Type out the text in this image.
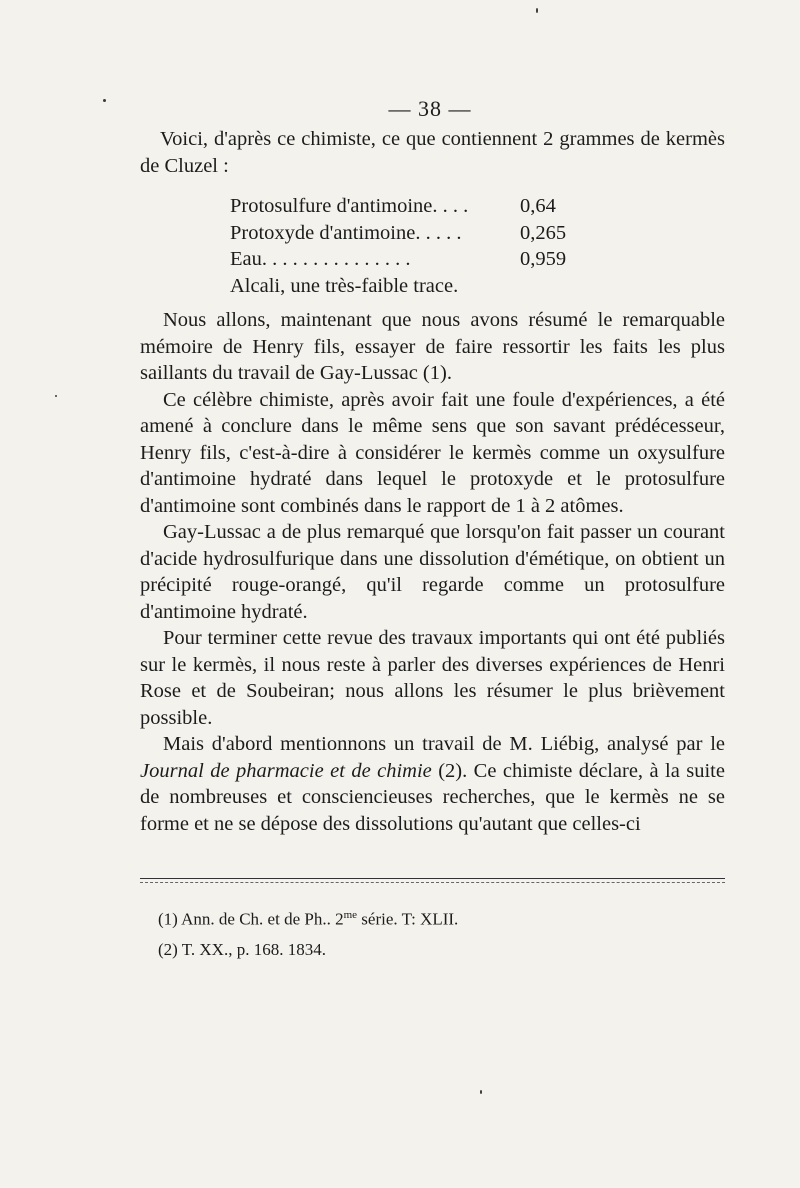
— 38 —

Voici, d'après ce chimiste, ce que contiennent 2 grammes de kermès de Cluzel :

Protosulfure d'antimoine. . . .	0,64
Protoxyde d'antimoine. . . . .	0,265
Eau. . . . . . . . . . . . . . .	0,959
Alcali, une très-faible trace.

Nous allons, maintenant que nous avons résumé le remarquable mémoire de Henry fils, essayer de faire ressortir les faits les plus saillants du travail de Gay-Lussac (1).

Ce célèbre chimiste, après avoir fait une foule d'expériences, a été amené à conclure dans le même sens que son savant prédécesseur, Henry fils, c'est-à-dire à considérer le kermès comme un oxysulfure d'antimoine hydraté dans lequel le protoxyde et le protosulfure d'antimoine sont combinés dans le rapport de 1 à 2 atômes.

Gay-Lussac a de plus remarqué que lorsqu'on fait passer un courant d'acide hydrosulfurique dans une dissolution d'émétique, on obtient un précipité rouge-orangé, qu'il regarde comme un protosulfure d'antimoine hydraté.

Pour terminer cette revue des travaux importants qui ont été publiés sur le kermès, il nous reste à parler des diverses expériences de Henri Rose et de Soubeiran; nous allons les résumer le plus brièvement possible.

Mais d'abord mentionnons un travail de M. Liébig, analysé par le Journal de pharmacie et de chimie (2). Ce chimiste déclare, à la suite de nombreuses et consciencieuses recherches, que le kermès ne se forme et ne se dépose des dissolutions qu'autant que celles-ci

(1) Ann. de Ch. et de Ph.. $2^{me}$ série. T: XLII.
(2) T. XX., p. 168. 1834.
